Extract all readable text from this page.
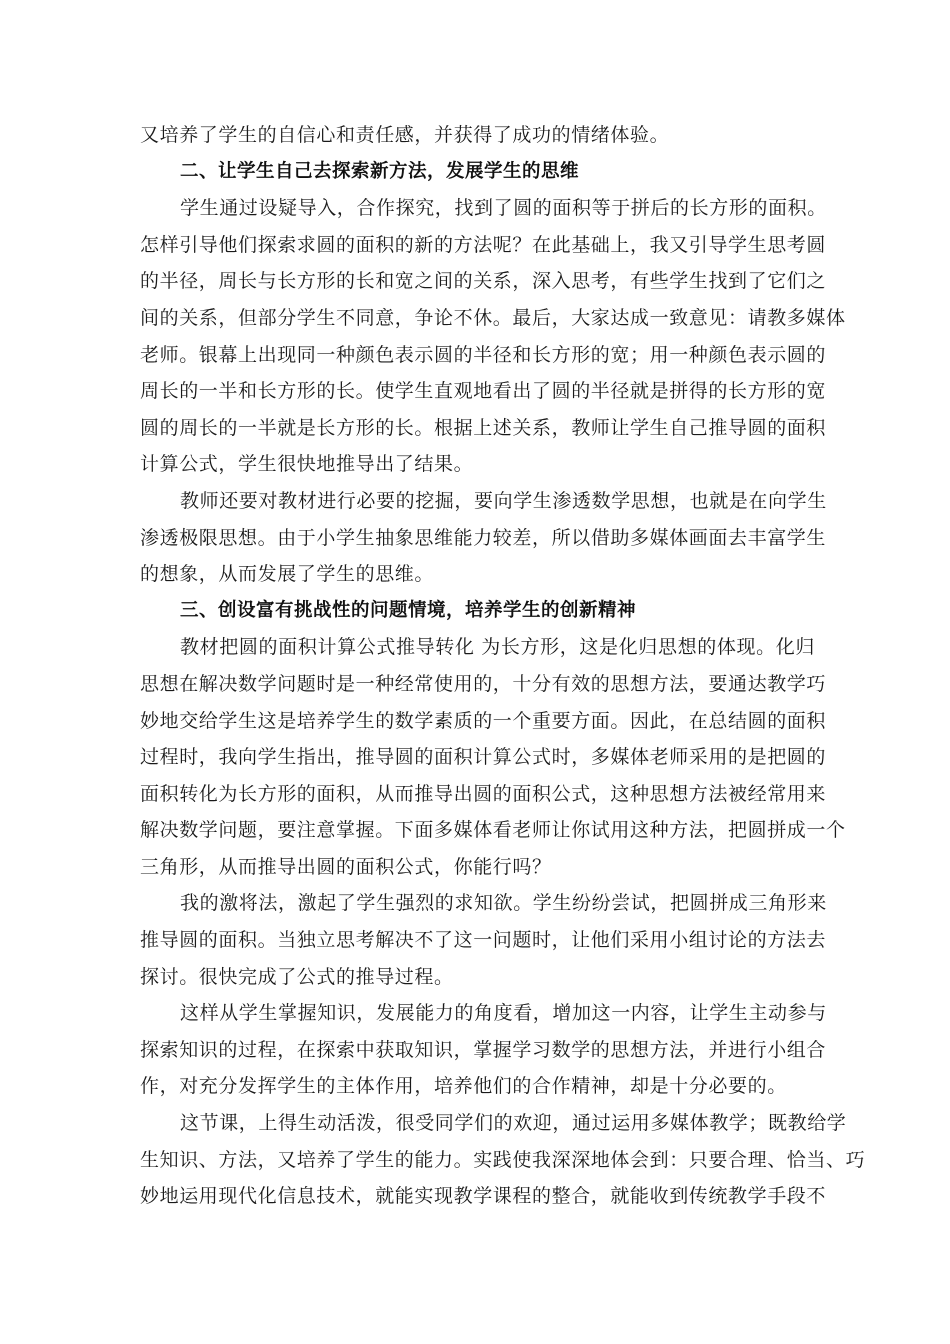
又培养了学生的自信心和责任感，并获得了成功的情绪体验。
二、让学生自己去探索新方法，发展学生的思维
学生通过设疑导入，合作探究，找到了圆的面积等于拼后的长方形的面积。
怎样引导他们探索求圆的面积的新的方法呢？在此基础上，我又引导学生思考圆
的半径，周长与长方形的长和宽之间的关系，深入思考，有些学生找到了它们之
间的关系，但部分学生不同意，争论不休。最后，大家达成一致意见：请教多媒体
老师。银幕上出现同一种颜色表示圆的半径和长方形的宽；用一种颜色表示圆的
周长的一半和长方形的长。使学生直观地看出了圆的半径就是拼得的长方形的宽
圆的周长的一半就是长方形的长。根据上述关系，教师让学生自己推导圆的面积
计算公式，学生很快地推导出了结果。
教师还要对教材进行必要的挖掘，要向学生渗透数学思想，也就是在向学生
渗透极限思想。由于小学生抽象思维能力较差，所以借助多媒体画面去丰富学生
的想象，从而发展了学生的思维。
三、创设富有挑战性的问题情境，培养学生的创新精神
教材把圆的面积计算公式推导转化 为长方形，这是化归思想的体现。化归
思想在解决数学问题时是一种经常使用的，十分有效的思想方法，要通达教学巧
妙地交给学生这是培养学生的数学素质的一个重要方面。因此，在总结圆的面积
过程时，我向学生指出，推导圆的面积计算公式时，多媒体老师采用的是把圆的
面积转化为长方形的面积，从而推导出圆的面积公式，这种思想方法被经常用来
解决数学问题，要注意掌握。下面多媒体看老师让你试用这种方法，把圆拼成一个
三角形，从而推导出圆的面积公式，你能行吗？
我的激将法，激起了学生强烈的求知欲。学生纷纷尝试，把圆拼成三角形来
推导圆的面积。当独立思考解决不了这一问题时，让他们采用小组讨论的方法去
探讨。很快完成了公式的推导过程。
这样从学生掌握知识，发展能力的角度看，增加这一内容，让学生主动参与
探索知识的过程，在探索中获取知识，掌握学习数学的思想方法，并进行小组合
作，对充分发挥学生的主体作用，培养他们的合作精神，却是十分必要的。
这节课，上得生动活泼，很受同学们的欢迎，通过运用多媒体教学；既教给学
生知识、方法，又培养了学生的能力。实践使我深深地体会到：只要合理、恰当、巧
妙地运用现代化信息技术，就能实现教学课程的整合，就能收到传统教学手段不
